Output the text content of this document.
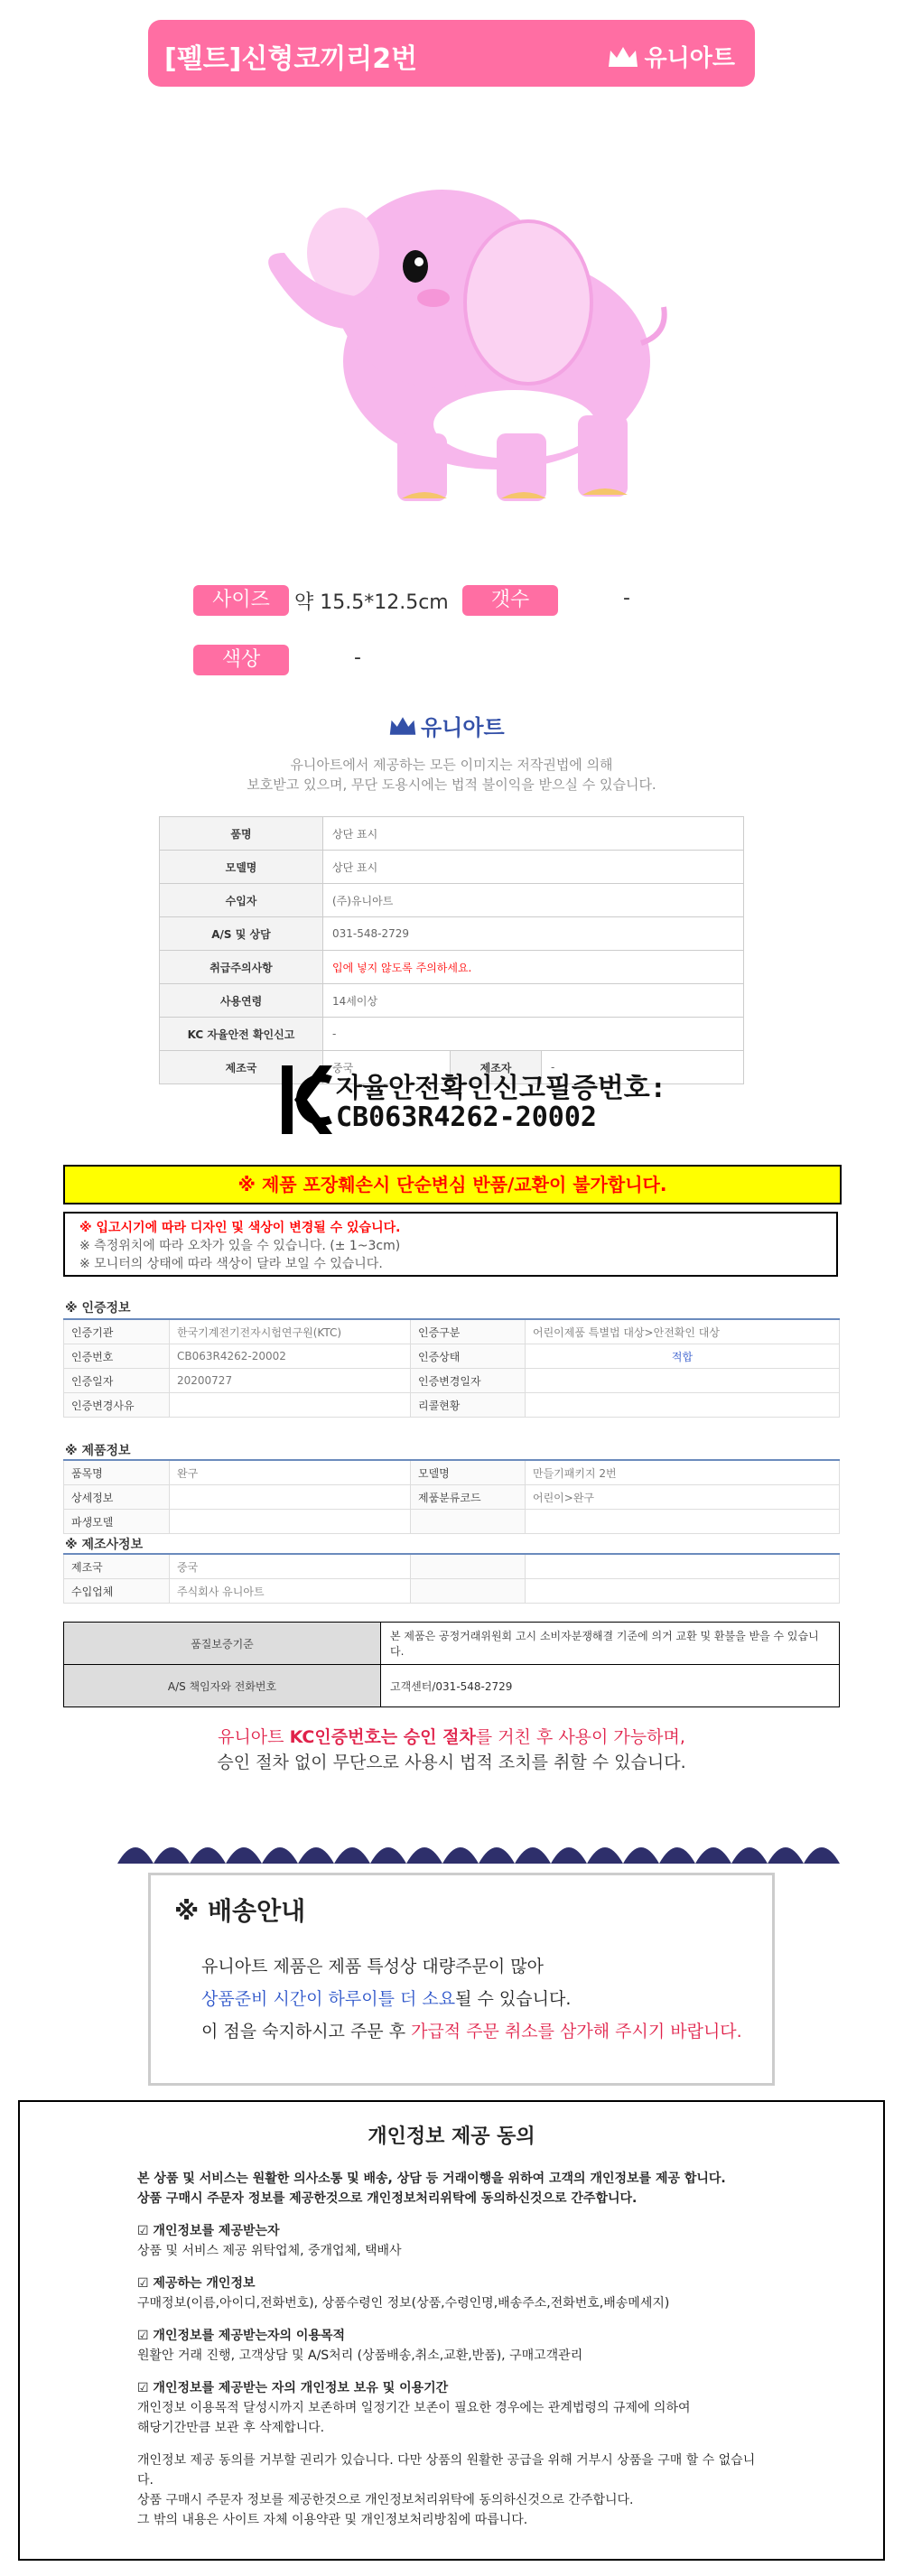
[펠트]신형코끼리2번	유니아트
사이즈	약 15.5*12.5cm	갯수	-
색상	-
유니아트
유니아트에서 제공하는 모든 이미지는 저작권법에 의해
보호받고 있으며, 무단 도용시에는 법적 불이익을 받으실 수 있습니다.
품명	상단 표시		
모델명	상단 표시		
수입자	(주)유니아트		
A/S 및 상담	031-548-2729		
취급주의사항	입에 넣지 않도록 주의하세요.		
사용연령	14세이상		
KC 자율안전 확인신고	-		
제조국	중국	제조자	-
자율안전확인신고필증번호:
CB063R4262-20002
※ 제품 포장훼손시 단순변심 반품/교환이 불가합니다.
※ 입고시기에 따라 디자인 및 색상이 변경될 수 있습니다.
※ 측정위치에 따라 오차가 있을 수 있습니다. (± 1~3cm)
※ 모니터의 상태에 따라 색상이 달라 보일 수 있습니다.
※ 인증정보
인증기관	한국기계전기전자시험연구원(KTC)	인증구분	어린이제품 특별법 대상>안전확인 대상
인증번호	CB063R4262-20002	인증상태	적합
인증일자	20200727	인증변경일자	
인증변경사유		리콜현황	
※ 제품정보
품목명	완구	모델명	만들기패키지 2번
상세정보		제품분류코드	어린이>완구
파생모델			
※ 제조사정보
제조국	중국		
수입업체	주식회사 유니아트		
품질보증기준	본 제품은 공정거래위원회 고시 소비자분쟁해결 기준에 의거 교환 및 환불을 받을 수 있습니다.
A/S 책임자와 전화번호	고객센터/031-548-2729
유니아트 KC인증번호는 승인 절차를 거친 후 사용이 가능하며,
승인 절차 없이 무단으로 사용시 법적 조치를 취할 수 있습니다.
※ 배송안내
유니아트 제품은 제품 특성상 대량주문이 많아
상품준비 시간이 하루이틀 더 소요될 수 있습니다.
이 점을 숙지하시고 주문 후 가급적 주문 취소를 삼가해 주시기 바랍니다.
개인정보 제공 동의
본 상품 및 서비스는 원활한 의사소통 및 배송, 상담 등 거래이행을 위하여 고객의 개인정보를 제공 합니다.
상품 구매시 주문자 정보를 제공한것으로 개인정보처리위탁에 동의하신것으로 간주합니다.
☑ 개인정보를 제공받는자
상품 및 서비스 제공 위탁업체, 중개업체, 택배사
☑ 제공하는 개인정보
구매정보(이름,아이디,전화번호), 상품수령인 정보(상품,수령인명,배송주소,전화번호,배송메세지)
☑ 개인정보를 제공받는자의 이용목적
원활안 거래 진행, 고객상담 및 A/S처리 (상품배송,취소,교환,반품), 구매고객관리
☑ 개인정보를 제공받는 자의 개인정보 보유 및 이용기간
개인정보 이용목적 달성시까지 보존하며 일정기간 보존이 필요한 경우에는 관계법령의 규제에 의하여
해당기간만큼 보관 후 삭제합니다.
개인정보 제공 동의를 거부할 권리가 있습니다. 다만 상품의 원활한 공급을 위해 거부시 상품을 구매 할 수 없습니다.
상품 구매시 주문자 정보를 제공한것으로 개인정보처리위탁에 동의하신것으로 간주합니다.
그 밖의 내용은 사이트 자체 이용약관 및 개인정보처리방침에 따릅니다.
